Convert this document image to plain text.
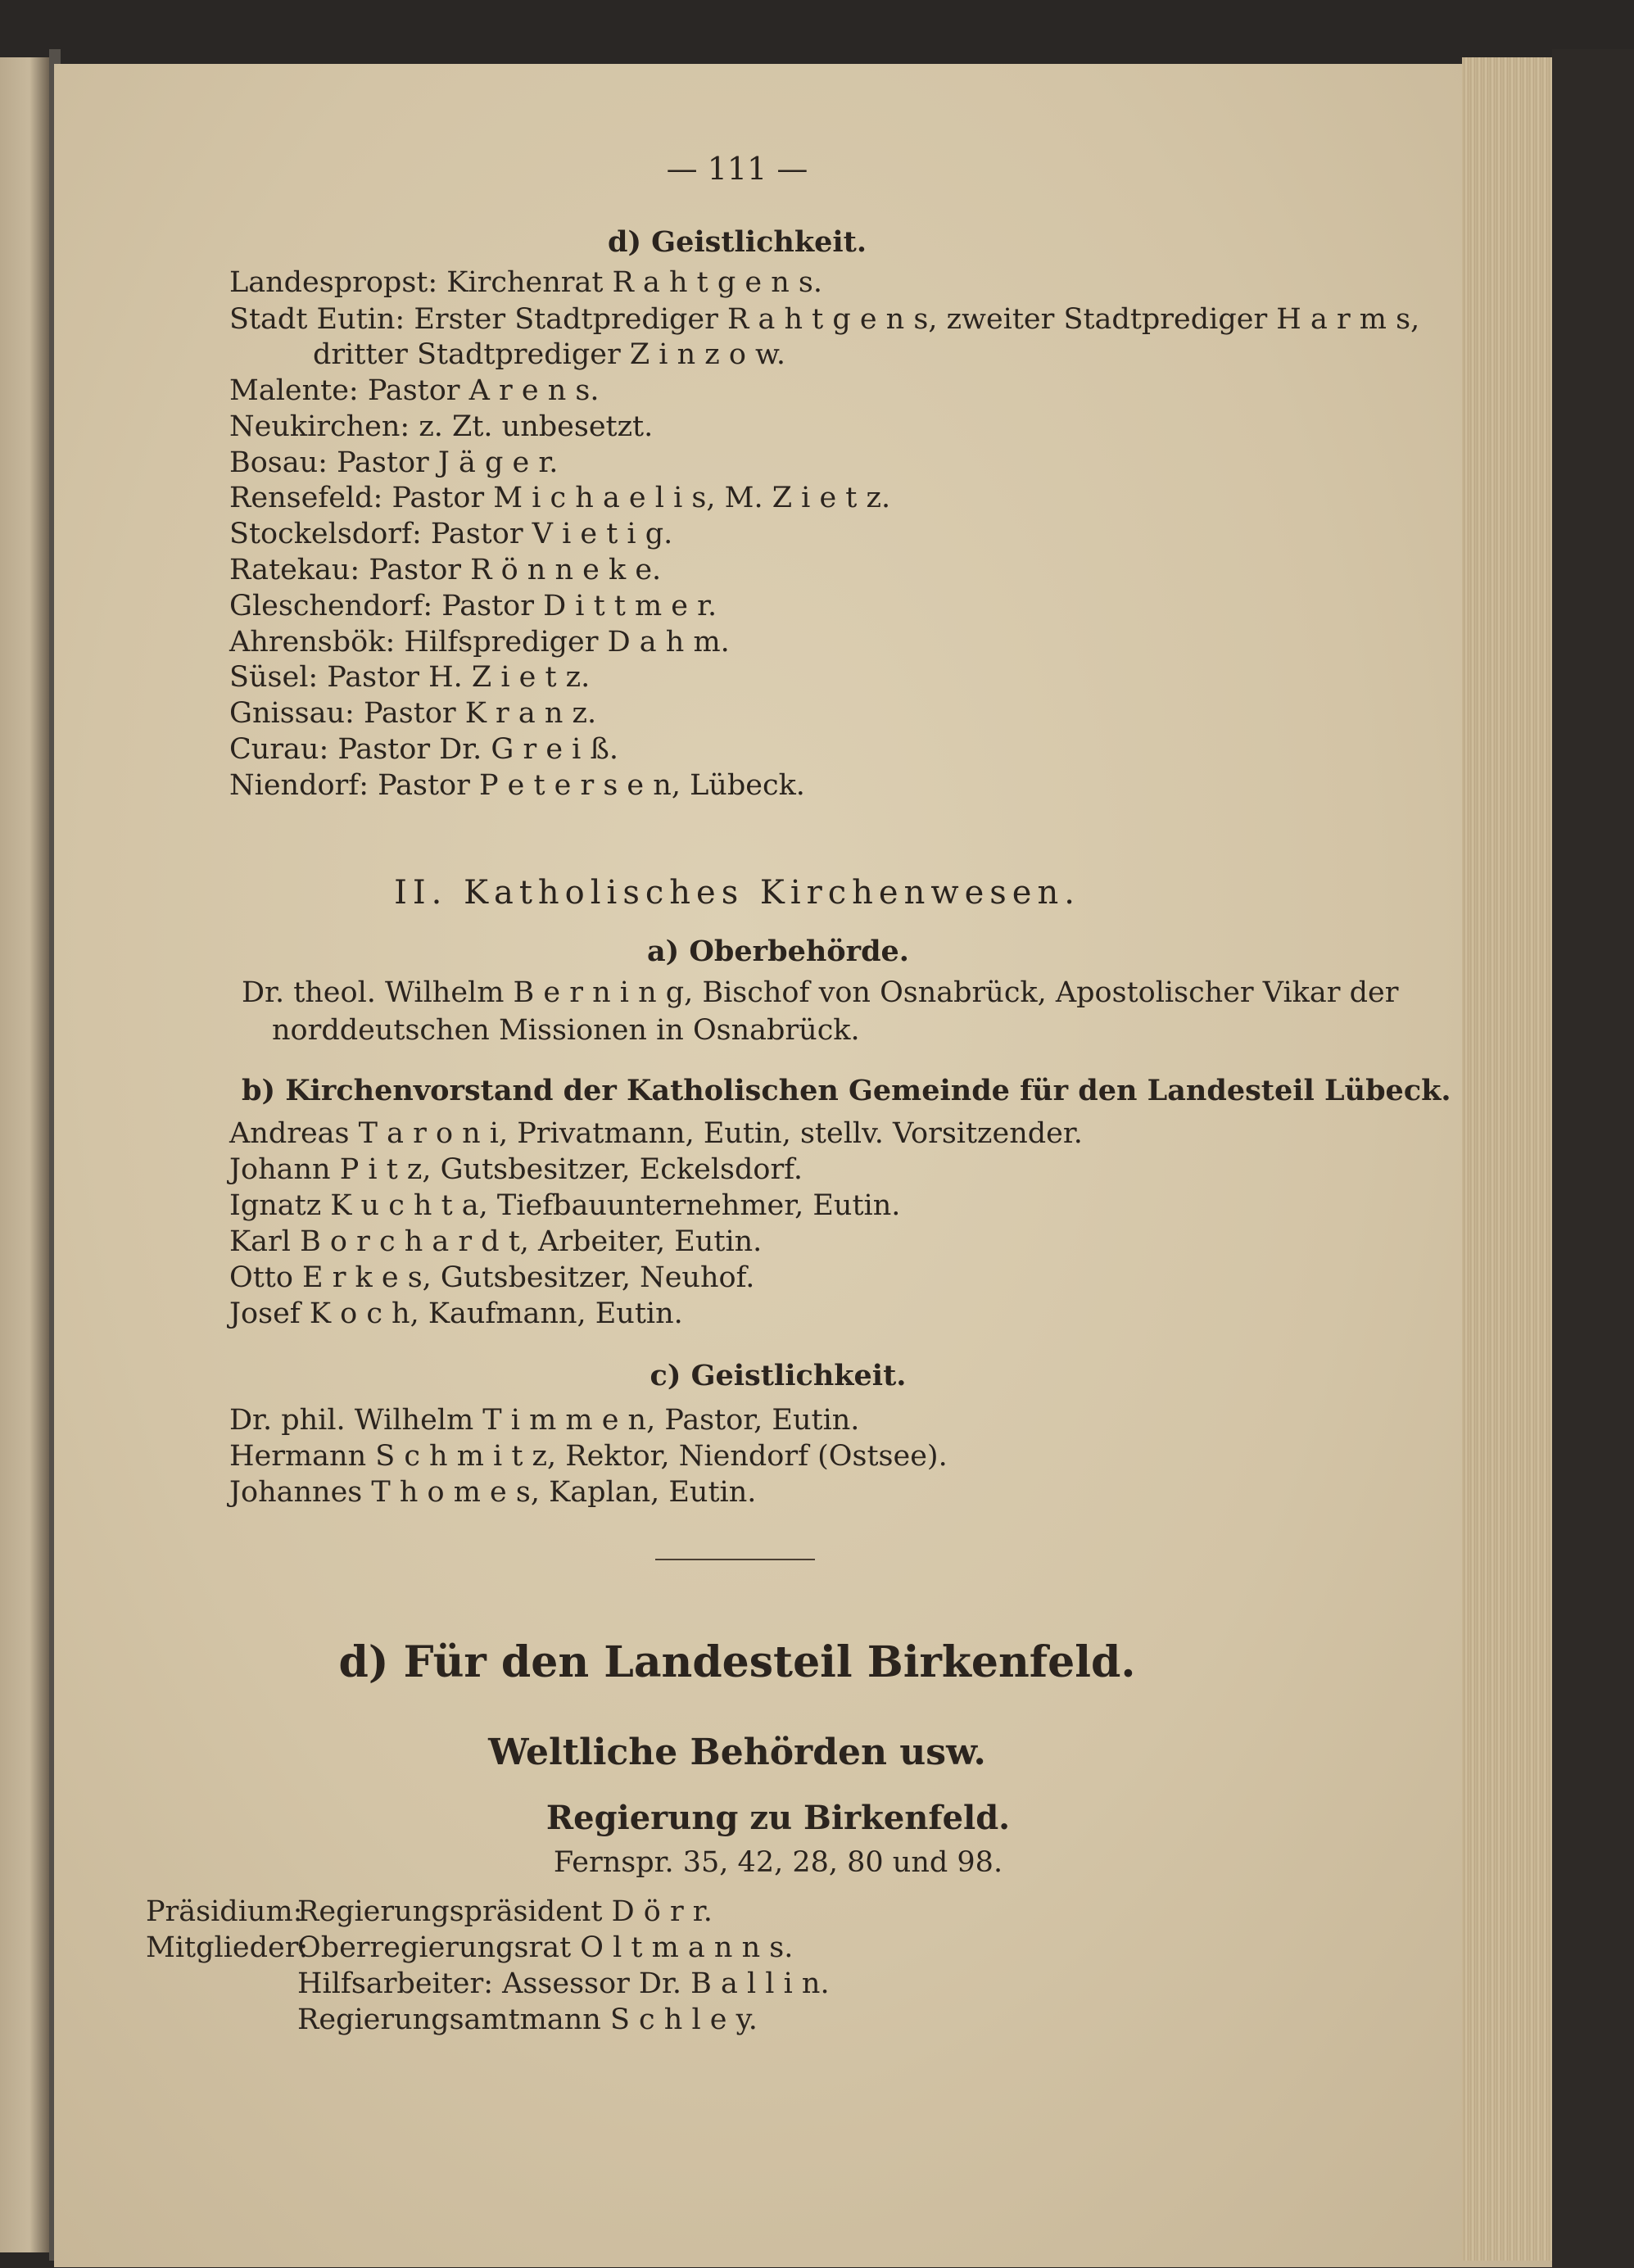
— 111 —
d) Geistlichkeit.
Landespropst: Kirchenrat R a h t g e n s.
Stadt Eutin: Erster Stadtprediger R a h t g e n s, zweiter Stadtprediger H a r m s,
dritter Stadtprediger Z i n z o w.
Malente: Pastor A r e n s.
Neukirchen: z. Zt. unbesetzt.
Bosau: Pastor J ä g e r.
Rensefeld: Pastor M i c h a e l i s, M. Z i e t z.
Stockelsdorf: Pastor V i e t i g.
Ratekau: Pastor R ö n n e k e.
Gleschendorf: Pastor D i t t m e r.
Ahrensbök: Hilfsprediger D a h m.
Süsel: Pastor H. Z i e t z.
Gnissau: Pastor K r a n z.
Curau: Pastor Dr. G r e i ß.
Niendorf: Pastor P e t e r s e n, Lübeck.
II. Katholisches Kirchenwesen.
a) Oberbehörde.
Dr. theol. Wilhelm B e r n i n g, Bischof von Osnabrück, Apostolischer Vikar der
norddeutschen Missionen in Osnabrück.
b) Kirchenvorstand der Katholischen Gemeinde für den Landesteil Lübeck.
Andreas T a r o n i, Privatmann, Eutin, stellv. Vorsitzender.
Johann P i t z, Gutsbesitzer, Eckelsdorf.
Ignatz K u c h t a, Tiefbauunternehmer, Eutin.
Karl B o r c h a r d t, Arbeiter, Eutin.
Otto E r k e s, Gutsbesitzer, Neuhof.
Josef K o c h, Kaufmann, Eutin.
c) Geistlichkeit.
Dr. phil. Wilhelm T i m m e n, Pastor, Eutin.
Hermann S c h m i t z, Rektor, Niendorf (Ostsee).
Johannes T h o m e s, Kaplan, Eutin.
d) Für den Landesteil Birkenfeld.
Weltliche Behörden usw.
Regierung zu Birkenfeld.
Fernspr. 35, 42, 28, 80 und 98.
Präsidium:
Regierungspräsident D ö r r.
Mitglieder:
Oberregierungsrat O l t m a n n s.
Hilfsarbeiter: Assessor Dr. B a l l i n.
Regierungsamtmann S c h l e y.
